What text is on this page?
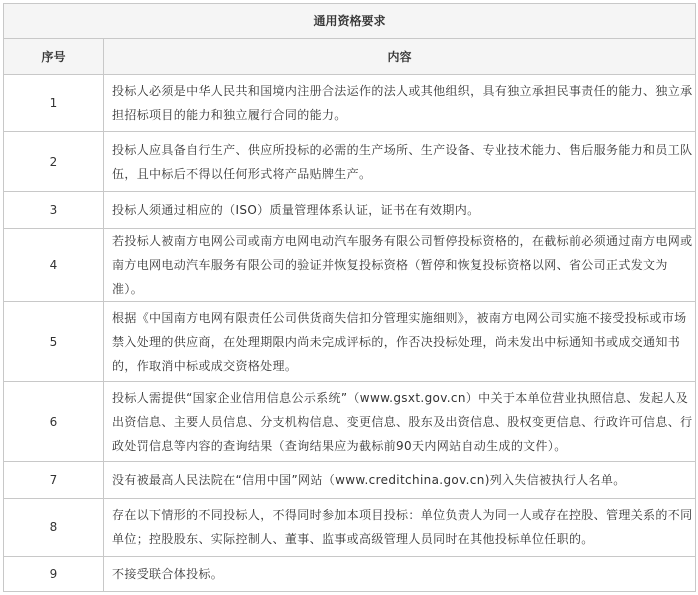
通用资格要求	
序号	内容
1	投标人必须是中华人民共和国境内注册合法运作的法人或其他组织，具有独立承担民事责任的能力、独立承担招标项目的能力和独立履行合同的能力。
2	投标人应具备自行生产、供应所投标的必需的生产场所、生产设备、专业技术能力、售后服务能力和员工队伍，且中标后不得以任何形式将产品贴牌生产。
3	投标人须通过相应的（ISO）质量管理体系认证，证书在有效期内。
4	若投标人被南方电网公司或南方电网电动汽车服务有限公司暂停投标资格的，在截标前必须通过南方电网或南方电网电动汽车服务有限公司的验证并恢复投标资格（暂停和恢复投标资格以网、省公司正式发文为准）。
5	根据《中国南方电网有限责任公司供货商失信扣分管理实施细则》，被南方电网公司实施不接受投标或市场禁入处理的供应商，在处理期限内尚未完成评标的，作否决投标处理，尚未发出中标通知书或成交通知书的，作取消中标或成交资格处理。
6	投标人需提供“国家企业信用信息公示系统”（www.gsxt.gov.cn）中关于本单位营业执照信息、发起人及出资信息、主要人员信息、分支机构信息、变更信息、股东及出资信息、股权变更信息、行政许可信息、行政处罚信息等内容的查询结果（查询结果应为截标前90天内网站自动生成的文件）。
7	没有被最高人民法院在“信用中国”网站（www.creditchina.gov.cn)列入失信被执行人名单。
8	存在以下情形的不同投标人，不得同时参加本项目投标：单位负责人为同一人或存在控股、管理关系的不同单位；控股股东、实际控制人、董事、监事或高级管理人员同时在其他投标单位任职的。
9	不接受联合体投标。
